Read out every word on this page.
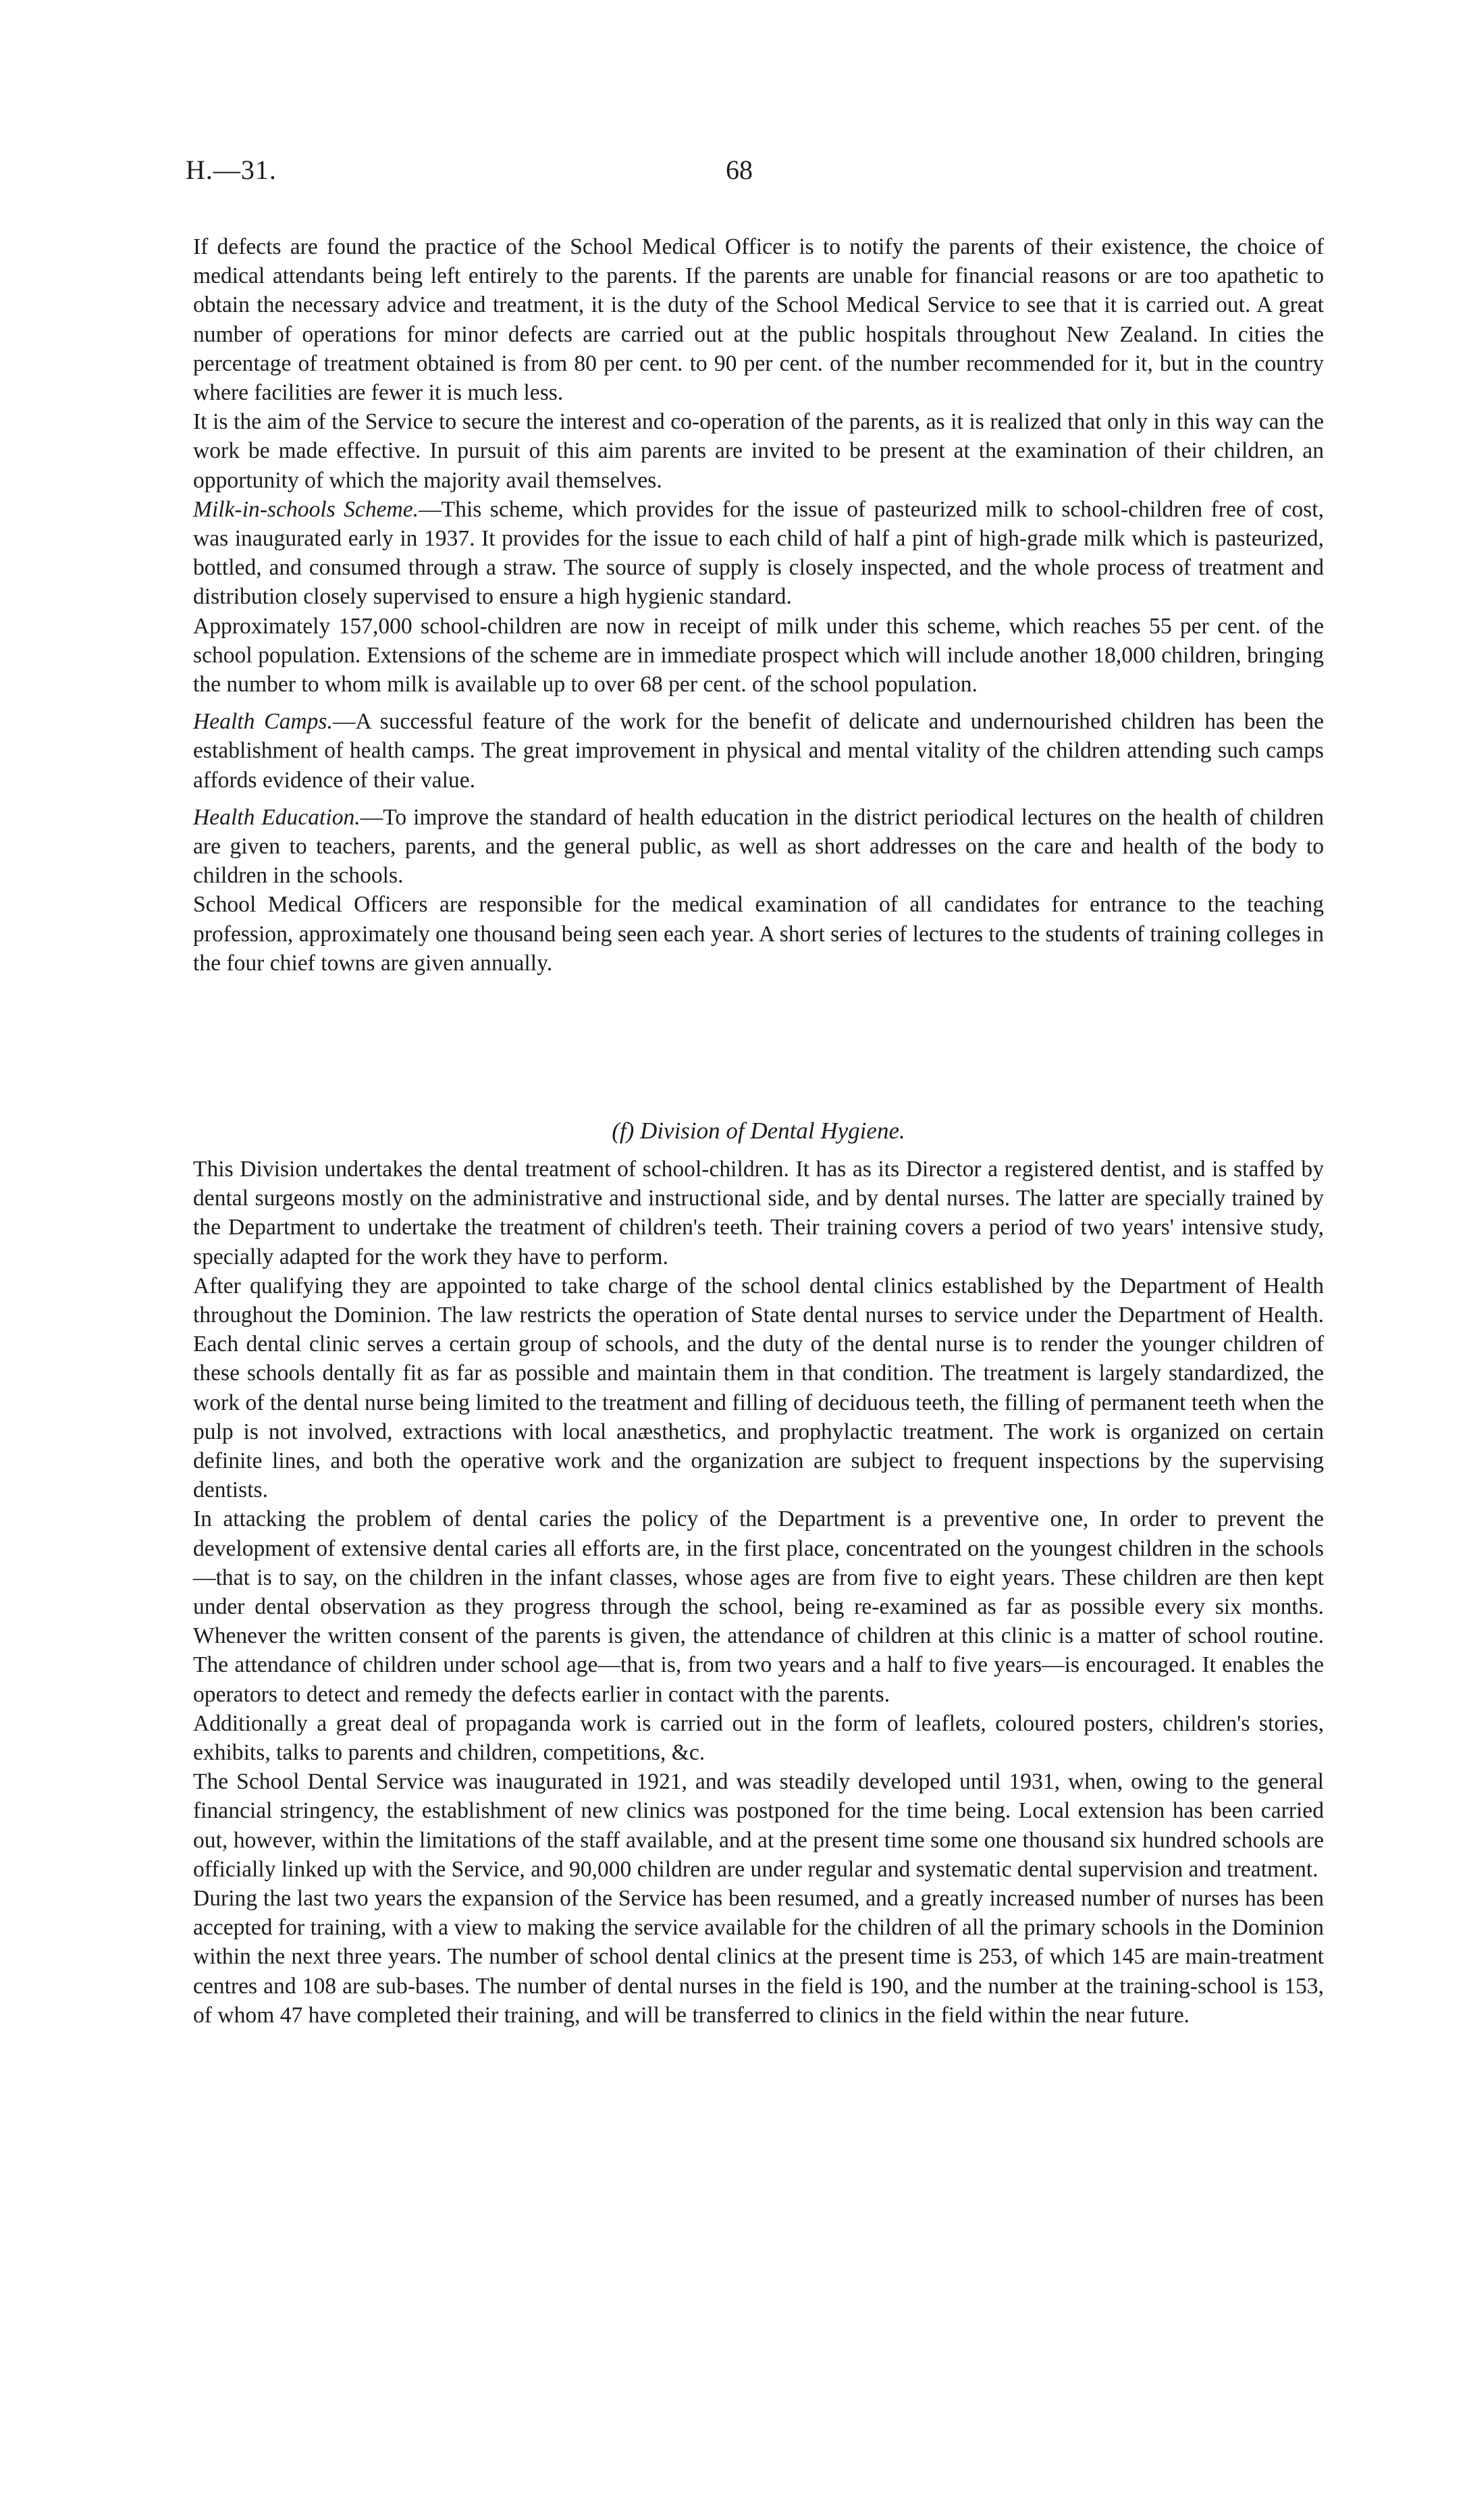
H.—31.	68

If defects are found the practice of the School Medical Officer is to notify the parents of their existence, the choice of medical attendants being left entirely to the parents. If the parents are unable for financial reasons or are too apathetic to obtain the necessary advice and treatment, it is the duty of the School Medical Service to see that it is carried out. A great number of operations for minor defects are carried out at the public hospitals throughout New Zealand. In cities the percentage of treatment obtained is from 80 per cent. to 90 per cent. of the number recommended for it, but in the country where facilities are fewer it is much less.

It is the aim of the Service to secure the interest and co-operation of the parents, as it is realized that only in this way can the work be made effective. In pursuit of this aim parents are invited to be present at the examination of their children, an opportunity of which the majority avail themselves.

Milk-in-schools Scheme.—This scheme, which provides for the issue of pasteurized milk to school-children free of cost, was inaugurated early in 1937. It provides for the issue to each child of half a pint of high-grade milk which is pasteurized, bottled, and consumed through a straw. The source of supply is closely inspected, and the whole process of treatment and distribution closely supervised to ensure a high hygienic standard.

Approximately 157,000 school-children are now in receipt of milk under this scheme, which reaches 55 per cent. of the school population. Extensions of the scheme are in immediate prospect which will include another 18,000 children, bringing the number to whom milk is available up to over 68 per cent. of the school population.

Health Camps.—A successful feature of the work for the benefit of delicate and undernourished children has been the establishment of health camps. The great improvement in physical and mental vitality of the children attending such camps affords evidence of their value.

Health Education.—To improve the standard of health education in the district periodical lectures on the health of children are given to teachers, parents, and the general public, as well as short addresses on the care and health of the body to children in the schools.

School Medical Officers are responsible for the medical examination of all candidates for entrance to the teaching profession, approximately one thousand being seen each year. A short series of lectures to the students of training colleges in the four chief towns are given annually.

(f) Division of Dental Hygiene.

This Division undertakes the dental treatment of school-children. It has as its Director a registered dentist, and is staffed by dental surgeons mostly on the administrative and instructional side, and by dental nurses. The latter are specially trained by the Department to undertake the treatment of children's teeth. Their training covers a period of two years' intensive study, specially adapted for the work they have to perform.

After qualifying they are appointed to take charge of the school dental clinics established by the Department of Health throughout the Dominion. The law restricts the operation of State dental nurses to service under the Department of Health. Each dental clinic serves a certain group of schools, and the duty of the dental nurse is to render the younger children of these schools dentally fit as far as possible and maintain them in that condition. The treatment is largely standardized, the work of the dental nurse being limited to the treatment and filling of deciduous teeth, the filling of permanent teeth when the pulp is not involved, extractions with local anæsthetics, and prophylactic treatment. The work is organized on certain definite lines, and both the operative work and the organization are subject to frequent inspections by the supervising dentists.

In attacking the problem of dental caries the policy of the Department is a preventive one, In order to prevent the development of extensive dental caries all efforts are, in the first place, concentrated on the youngest children in the schools—that is to say, on the children in the infant classes, whose ages are from five to eight years. These children are then kept under dental observation as they progress through the school, being re-examined as far as possible every six months. Whenever the written consent of the parents is given, the attendance of children at this clinic is a matter of school routine. The attendance of children under school age—that is, from two years and a half to five years—is encouraged. It enables the operators to detect and remedy the defects earlier in contact with the parents.

Additionally a great deal of propaganda work is carried out in the form of leaflets, coloured posters, children's stories, exhibits, talks to parents and children, competitions, &c.

The School Dental Service was inaugurated in 1921, and was steadily developed until 1931, when, owing to the general financial stringency, the establishment of new clinics was postponed for the time being. Local extension has been carried out, however, within the limitations of the staff available, and at the present time some one thousand six hundred schools are officially linked up with the Service, and 90,000 children are under regular and systematic dental supervision and treatment.

During the last two years the expansion of the Service has been resumed, and a greatly increased number of nurses has been accepted for training, with a view to making the service available for the children of all the primary schools in the Dominion within the next three years. The number of school dental clinics at the present time is 253, of which 145 are main-treatment centres and 108 are sub-bases. The number of dental nurses in the field is 190, and the number at the training-school is 153, of whom 47 have completed their training, and will be transferred to clinics in the field within the near future.
